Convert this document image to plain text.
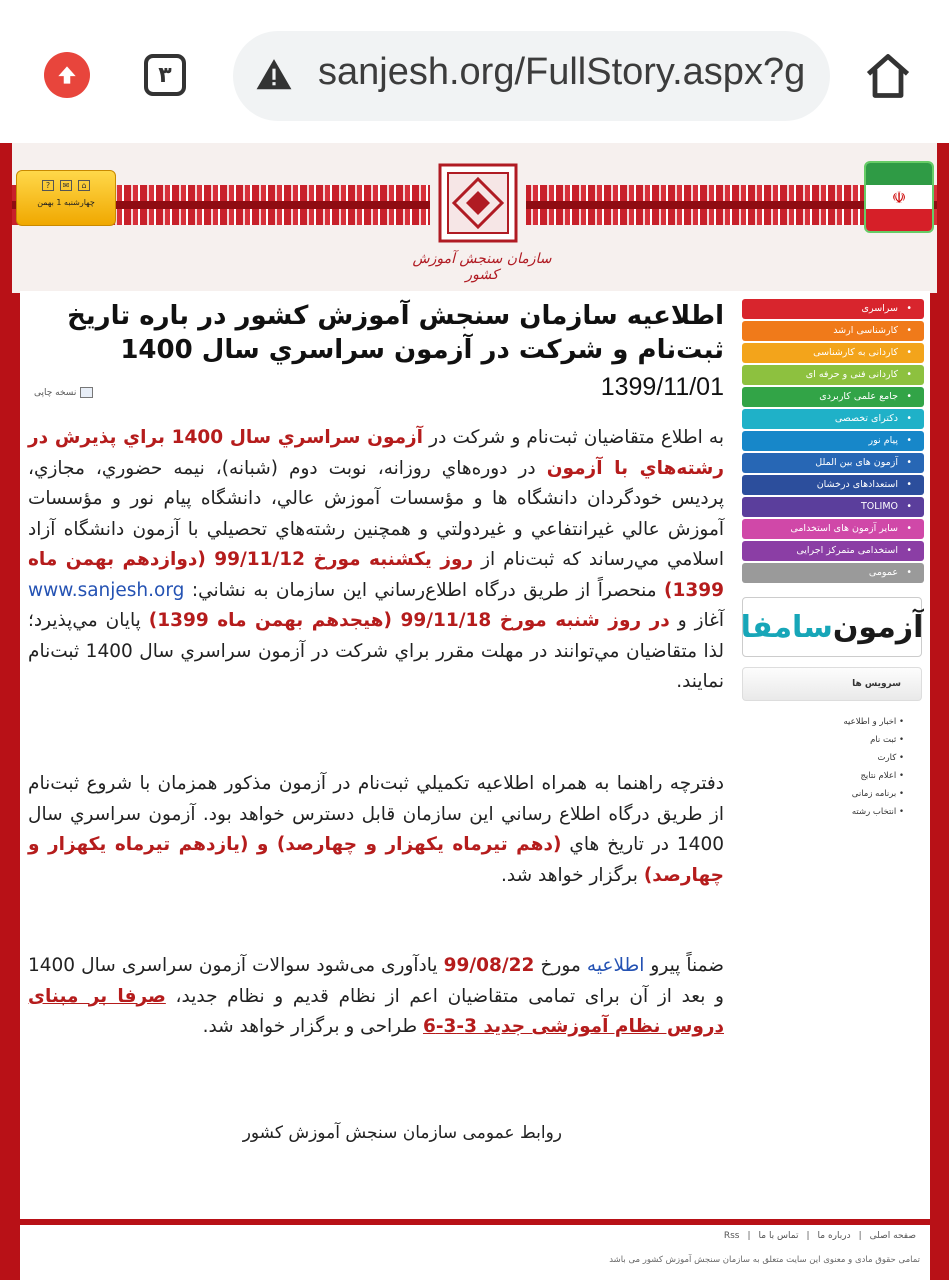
٣	sanjesh.org/FullStory.aspx?g
سازمان سنجش آموزش کشور
?	✉	⌂
چهارشنبه 1 بهمن	☫
اطلاعيه سازمان سنجش آموزش کشور در باره تاريخ ثبت‌نام و شرکت در آزمون سراسري سال 1400
1399/11/01
نسخه چاپی
به اطلاع متقاضيان ثبت‌نام و شرکت در آزمون سراسري سال 1400 براي پذيرش در رشته‌هاي با آزمون در دوره‌هاي روزانه، نوبت دوم (شبانه)، نيمه حضوري، مجازي، پرديس خودگردان دانشگاه ها و مؤسسات آموزش عالي، دانشگاه پيام نور و مؤسسات آموزش عالي غيرانتفاعي و غيردولتي و همچنين رشته‌هاي تحصيلي با آزمون دانشگاه آزاد اسلامي مي‌رساند که ثبت‌نام از روز يکشنبه مورخ 99/11/12 (دوازدهم بهمن ماه 1399) منحصراً از طريق درگاه اطلاع‌رساني اين سازمان به نشاني: www.sanjesh.org آغاز و در روز شنبه مورخ 99/11/18 (هيجدهم بهمن ماه 1399) پايان مي‌پذيرد؛ لذا متقاضيان مي‌توانند در مهلت مقرر براي شرکت در آزمون سراسري سال 1400 ثبت‌نام نمايند.
دفترچه راهنما به همراه اطلاعيه تکميلي ثبت‌نام در آزمون مذکور همزمان با شروع ثبت‌نام از طريق درگاه اطلاع رساني اين سازمان قابل دسترس خواهد بود. آزمون سراسري سال 1400 در تاريخ هاي (دهم تیرماه یکهزار و چهارصد) و (یازدهم تیرماه یکهزار و چهارصد) برگزار خواهد شد.
ضمناً پیرو اطلاعیه مورخ 99/08/22 یادآوری می‌شود سوالات آزمون سراسری سال 1400 و بعد از آن برای تمامی متقاضیان اعم از نظام قدیم و نظام جدید، صرفا بر مبنای دروس نظام آموزشی جدید 3-3-6 طراحی و برگزار خواهد شد.
روابط عمومی سازمان سنجش آموزش کشور
• سراسری
• کارشناسی ارشد
• کاردانی به کارشناسی
• کاردانی فنی و حرفه ای
• جامع علمی کاربردی
• دکترای تخصصی
• پیام نور
• آزمون های بین الملل
• استعدادهای درخشان
• TOLIMO
• سایر آزمون های استخدامی
• استخدامی متمرکز اجرایی
• عمومی
آزمون
سامفا
سرویس ها
• اخبار و اطلاعیه
• ثبت نام
• کارت
• اعلام نتایج
• برنامه زمانی
• انتخاب رشته
صفحه اصلی|درباره ما|تماس با ما|Rss
تمامی حقوق مادی و معنوی این سایت متعلق به سازمان سنجش آموزش کشور می باشد
